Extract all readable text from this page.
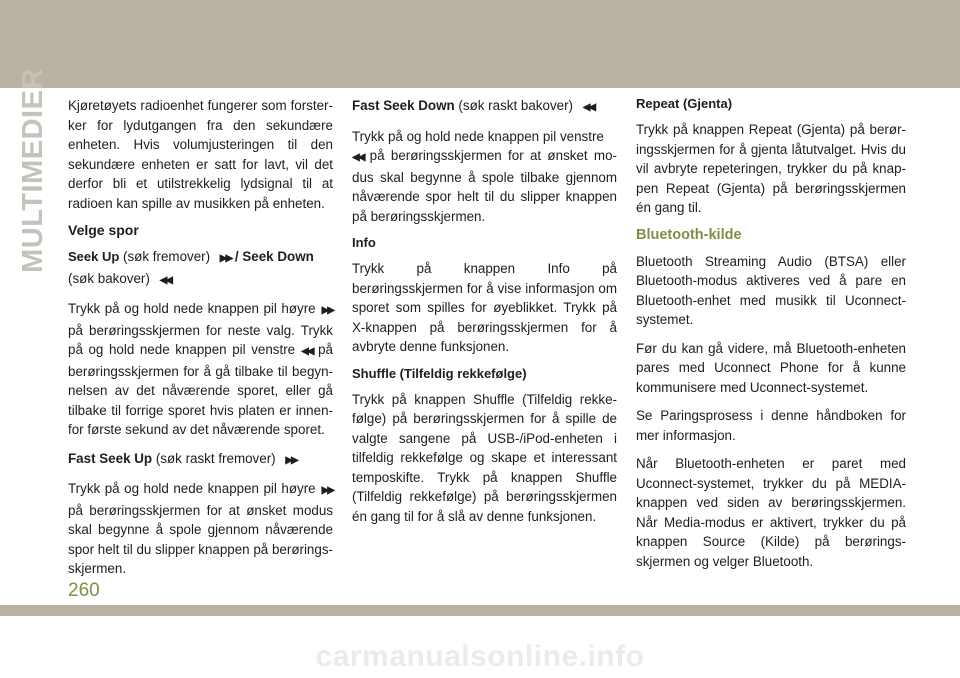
MULTIMEDIER Kjøretøyets radioenhet fungerer som forsterker for lydutgangen fra den sekundære enheten. Hvis volumjusteringen til den sekundære enheten er satt for lavt, vil det derfor bli et utilstrekkelig lydsignal til at radioen kan spille av musikken på enheten.

Velge spor

Seek Up (søk fremover) ▶▶ / Seek Down (søk bakover) ◀◀

Trykk på og hold nede knappen pil høyre ▶▶ på berøringsskjermen for neste valg. Trykk på og hold nede knappen pil venstre ◀◀ på berøringsskjermen for å gå tilbake til begynnelsen av det nåværende sporet, eller gå tilbake til forrige sporet hvis platen er innenfor første sekund av det nåværende sporet.

Fast Seek Up (søk raskt fremover) ▶▶

Trykk på og hold nede knappen pil høyre ▶▶ på berøringsskjermen for at ønsket modus skal begynne å spole gjennom nåværende spor helt til du slipper knappen på berøringsskjermen.

Fast Seek Down (søk raskt bakover) ◀◀

Trykk på og hold nede knappen pil venstre
◀◀ på berøringsskjermen for at ønsket modus skal begynne å spole tilbake gjennom nåværende spor helt til du slipper knappen på berøringsskjermen.

Info

Trykk på knappen Info på berøringsskjermen for å vise informasjon om sporet som spilles for øyeblikket. Trykk på X-knappen på berøringsskjermen for å avbryte denne funksjonen.

Shuffle (Tilfeldig rekkefølge)

Trykk på knappen Shuffle (Tilfeldig rekkefølge) på berøringsskjermen for å spille de valgte sangene på USB-/iPod-enheten i tilfeldig rekkefølge og skape et interessant temposkifte. Trykk på knappen Shuffle (Tilfeldig rekkefølge) på berøringsskjermen én gang til for å slå av denne funksjonen.

Repeat (Gjenta)

Trykk på knappen Repeat (Gjenta) på berøringsskjermen for å gjenta låtutvalget. Hvis du vil avbryte repeteringen, trykker du på knappen Repeat (Gjenta) på berøringsskjermen én gang til.

Bluetooth-kilde

Bluetooth Streaming Audio (BTSA) eller Bluetooth-modus aktiveres ved å pare en Bluetooth-enhet med musikk til Uconnect-systemet.

Før du kan gå videre, må Bluetooth-enheten pares med Uconnect Phone for å kunne kommunisere med Uconnect-systemet.

Se Paringsprosess i denne håndboken for mer informasjon.

Når Bluetooth-enheten er paret med Uconnect-systemet, trykker du på MEDIA-knappen ved siden av berøringsskjermen. Når Media-modus er aktivert, trykker du på knappen Source (Kilde) på berøringsskjermen og velger Bluetooth.

260
carmanualsonline.info
